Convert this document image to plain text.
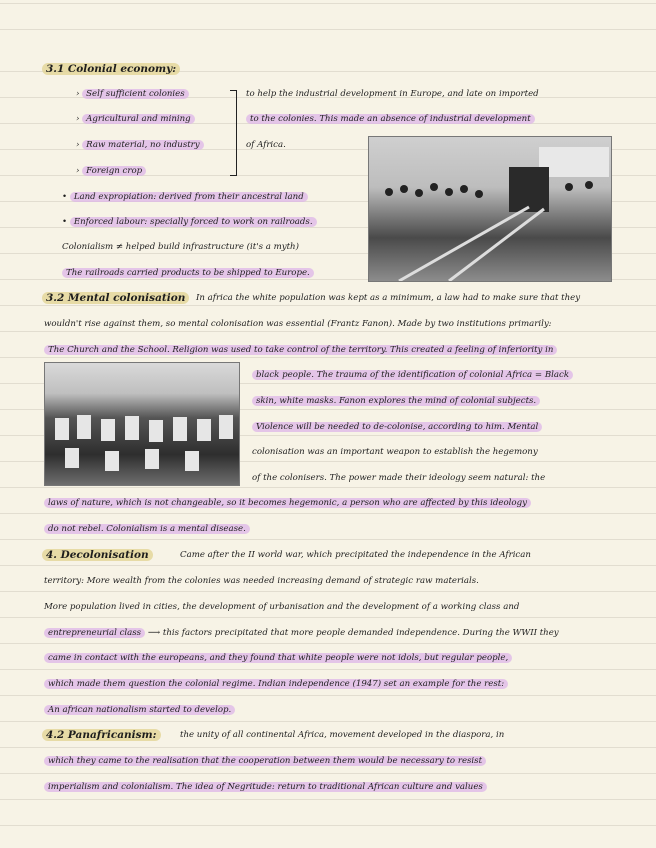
3.1 Colonial economy:
› Self sufficient colonies
› Agricultural and mining
› Raw material, no industry
› Foreign crop
to help the industrial development in Europe, and late on imported
to the colonies. This made an absence of industrial development
of Africa.
• Land expropiation: derived from their ancestral land
• Enforced labour: specially forced to work on railroads.
Colonialism ≠ helped build infrastructure (it's a myth)
The railroads carried products to be shipped to Europe.
3.2 Mental colonisation	In africa the white population was kept as a minimum, a law had to make sure that they
wouldn't rise against them, so mental colonisation was essential (Frantz Fanon). Made by two institutions primarily:
The Church and the School. Religion was used to take control of the territory. This created a feeling of inferiority in
black people. The trauma of the identification of colonial Africa = Black
skin, white masks. Fanon explores the mind of colonial subjects.
Violence will be needed to de-colonise, according to him. Mental
colonisation was an important weapon to establish the hegemony
of the colonisers. The power made their ideology seem natural: the
laws of nature, which is not changeable, so it becomes hegemonic, a person who are affected by this ideology
do not rebel. Colonialism is a mental disease.
4. Decolonisation	Came after the II world war, which precipitated the independence in the African
territory: More wealth from the colonies was needed increasing demand of strategic raw materials.
More population lived in cities, the development of urbanisation and the development of a working class and
entrepreneurial class ⟶ this factors precipitated that more people demanded independence. During the WWII they
came in contact with the europeans, and they found that white people were not idols, but regular people,
which made them question the colonial regime. Indian independence (1947) set an example for the rest:
An african nationalism started to develop.
4.2 Panafricanism:	the unity of all continental Africa, movement developed in the diaspora, in
which they came to the realisation that the cooperation between them would be necessary to resist
imperialism and colonialism. The idea of Negritude: return to traditional African culture and values
